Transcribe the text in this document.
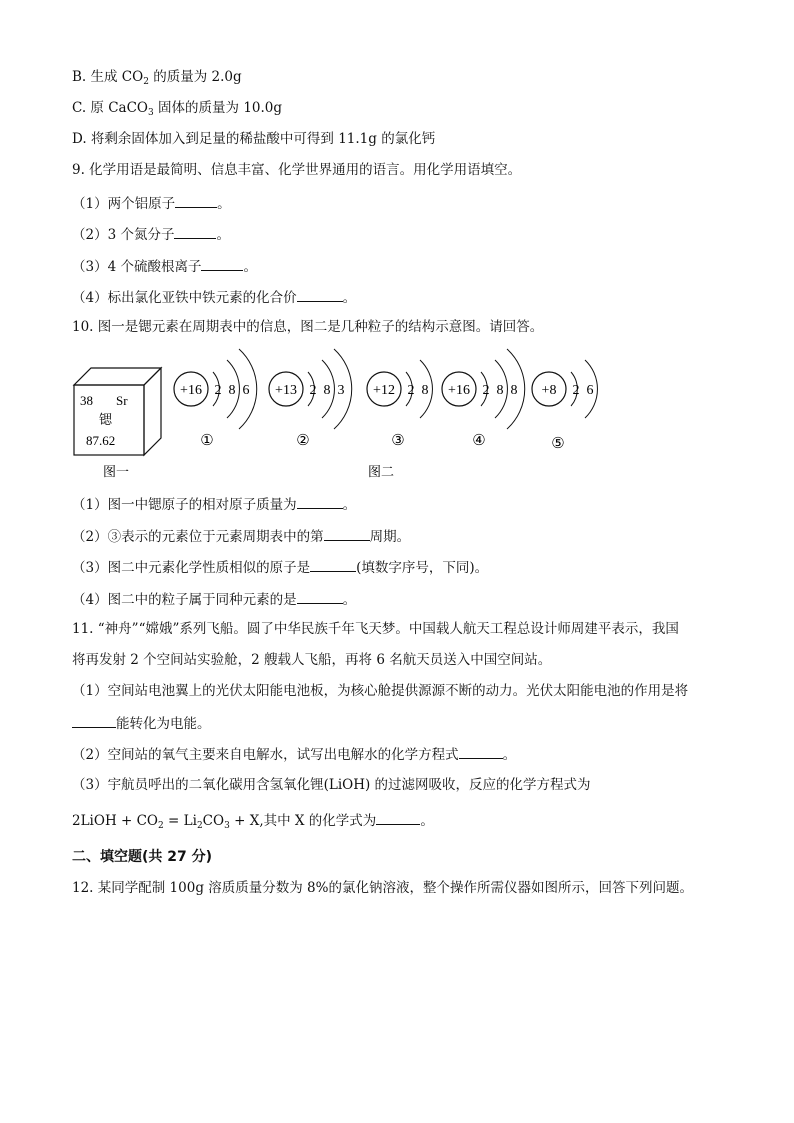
B. 生成 $CO_2$ 的质量为 2.0g
C. 原 CaCO$_3$ 固体的质量为 10.0g
D. 将剩余固体加入到足量的稀盐酸中可得到 11.1g 的氯化钙
9. 化学用语是最简明、信息丰富、化学世界通用的语言。用化学用语填空。
（1）两个铝原子	。
（2）3 个氮分子	。
（3）4 个硫酸根离子	。
（4）标出氯化亚铁中铁元素的化合价	。
10. 图一是锶元素在周期表中的信息，图二是几种粒子的结构示意图。请回答。
38 Sr
锶
87.62
图一
+16 2 8 6
①
+13 2 8 3
②
+12 2 8
③
+16 2 8 8
④
+8 2 6
⑤
图二
（1）图一中锶原子的相对原子质量为	。
（2）③表示的元素位于元素周期表中的第	周期。
（3）图二中元素化学性质相似的原子是	(填数字序号，下同)。
（4）图二中的粒子属于同种元素的是	。
11. “神舟”“嫦娥”系列飞船。圆了中华民族千年飞天梦。中国载人航天工程总设计师周建平表示，我国
将再发射 2 个空间站实验舱，2 艘载人飞船，再将 6 名航天员送入中国空间站。
（1）空间站电池翼上的光伏太阳能电池板，为核心舱提供源源不断的动力。光伏太阳能电池的作用是将
能转化为电能。
（2）空间站的氧气主要来自电解水，试写出电解水的化学方程式	。
（3）宇航员呼出的二氧化碳用含氢氧化锂(LiOH) 的过滤网吸收，反应的化学方程式为
2LiOH + $CO_2 = Li_2CO_3 + X$,其中 X 的化学式为	。
二、填空题(共 27 分)
12. 某同学配制 100g 溶质质量分数为 8%的氯化钠溶液，整个操作所需仪器如图所示，回答下列问题。
